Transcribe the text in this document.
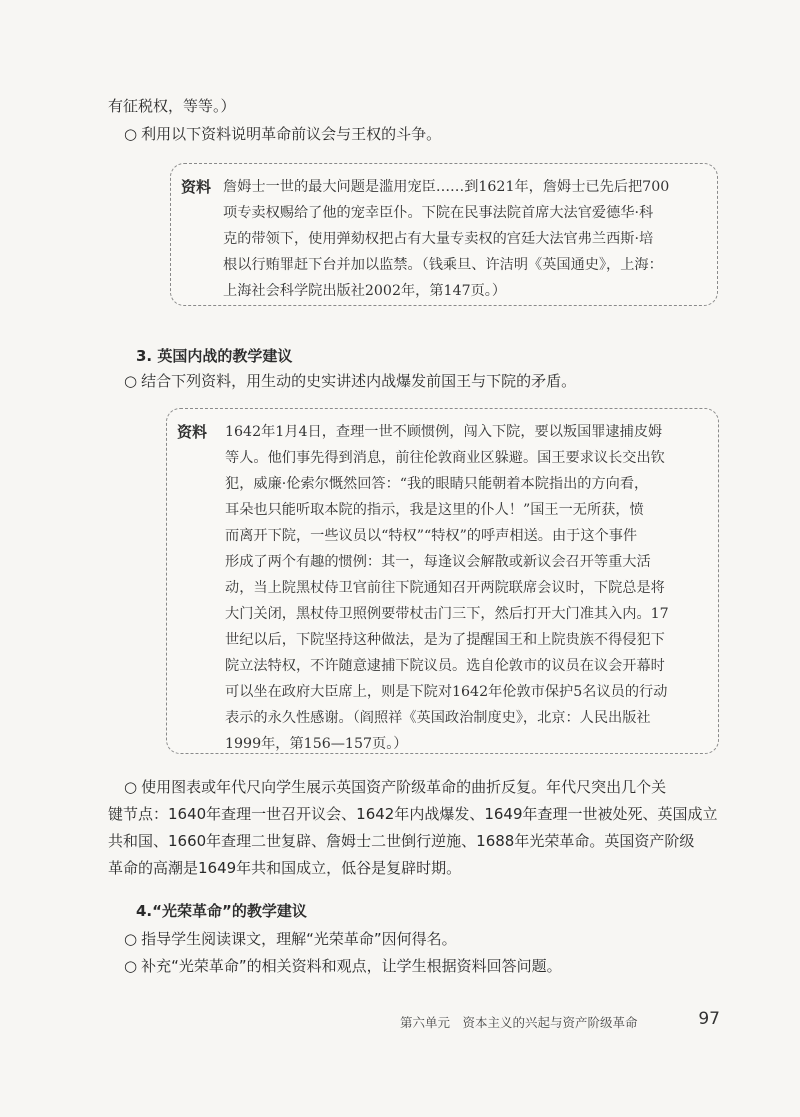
有征税权，等等。）
○ 利用以下资料说明革命前议会与王权的斗争。
资料 詹姆士一世的最大问题是滥用宠臣……到1621年，詹姆士已先后把700
项专卖权赐给了他的宠幸臣仆。下院在民事法院首席大法官爱德华·科
克的带领下，使用弹劾权把占有大量专卖权的宫廷大法官弗兰西斯·培
根以行贿罪赶下台并加以监禁。（钱乘旦、许洁明《英国通史》，上海：
上海社会科学院出版社2002年，第147页。）
3. 英国内战的教学建议
○ 结合下列资料，用生动的史实讲述内战爆发前国王与下院的矛盾。
资料 1642年1月4日，查理一世不顾惯例，闯入下院，要以叛国罪逮捕皮姆
等人。他们事先得到消息，前往伦敦商业区躲避。国王要求议长交出钦
犯，威廉·伦索尔慨然回答：“我的眼睛只能朝着本院指出的方向看，
耳朵也只能听取本院的指示，我是这里的仆人！”国王一无所获，愤
而离开下院，一些议员以“特权”“特权”的呼声相送。由于这个事件
形成了两个有趣的惯例：其一，每逢议会解散或新议会召开等重大活
动，当上院黑杖侍卫官前往下院通知召开两院联席会议时，下院总是将
大门关闭，黑杖侍卫照例要带杖击门三下，然后打开大门准其入内。17
世纪以后，下院坚持这种做法，是为了提醒国王和上院贵族不得侵犯下
院立法特权，不许随意逮捕下院议员。选自伦敦市的议员在议会开幕时
可以坐在政府大臣席上，则是下院对1642年伦敦市保护5名议员的行动
表示的永久性感谢。（阎照祥《英国政治制度史》，北京：人民出版社
1999年，第156—157页。）
○ 使用图表或年代尺向学生展示英国资产阶级革命的曲折反复。年代尺突出几个关
键节点：1640年查理一世召开议会、1642年内战爆发、1649年查理一世被处死、英国成立
共和国、1660年查理二世复辟、詹姆士二世倒行逆施、1688年光荣革命。英国资产阶级
革命的高潮是1649年共和国成立，低谷是复辟时期。
4.“光荣革命”的教学建议
○ 指导学生阅读课文，理解“光荣革命”因何得名。
○ 补充“光荣革命”的相关资料和观点，让学生根据资料回答问题。
第六单元　资本主义的兴起与资产阶级革命	97
